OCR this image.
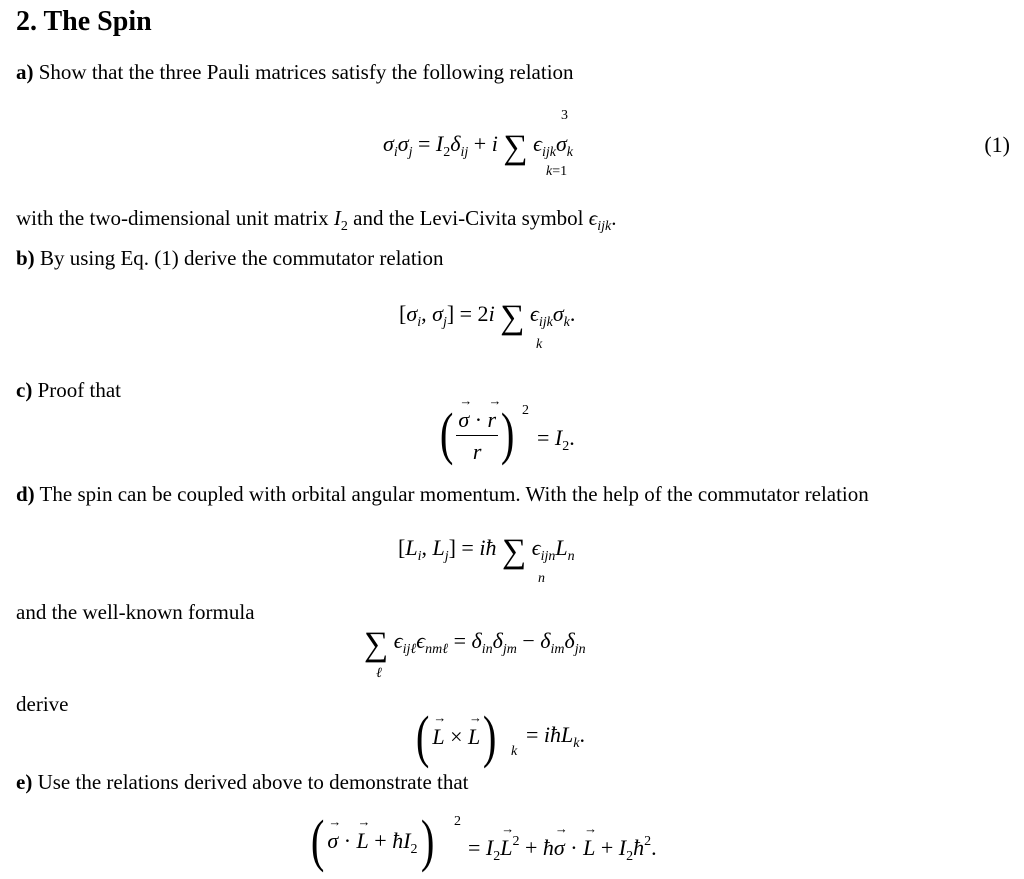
2. The Spin
a) Show that the three Pauli matrices satisfy the following relation
$\sigma_i\sigma_j = I_2\delta_{ij} + i$ ∑ $\epsilon_{ijk}\sigma_k$
3
k=1
(1)
with the two-dimensional unit matrix $I_2$ and the Levi-Civita symbol $\epsilon_{ijk}$.
b) By using Eq. (1) derive the commutator relation
[$\sigma_i$, $\sigma_j] = 2i$ ∑ $\epsilon_{ijk}\sigma_k$.
k
c) Proof that
( → $\frac{\sigma \cdot \to r}{r}$ ) 2
= $I_2$.
d) The spin can be coupled with orbital angular momentum. With the help of the commutator relation
[$L_i$, $L_j$] = iħ ∑ $\epsilon_{ijn}L_n$
n
and the well-known formula
∑ $\epsilon_{ij\ell}\epsilon_{nm\ell} = \delta_{in}\delta_{jm} - \delta_{im}\delta_{jn}$
ℓ
derive	( → L × → L) k
= iħL$_k$.
e) Use the relations derived above to demonstrate that
( → σ · → $L + ħI_2$) 2
= $I_2\to L^2$ + ħ→ σ · → $L + I_2ħ^2$.
